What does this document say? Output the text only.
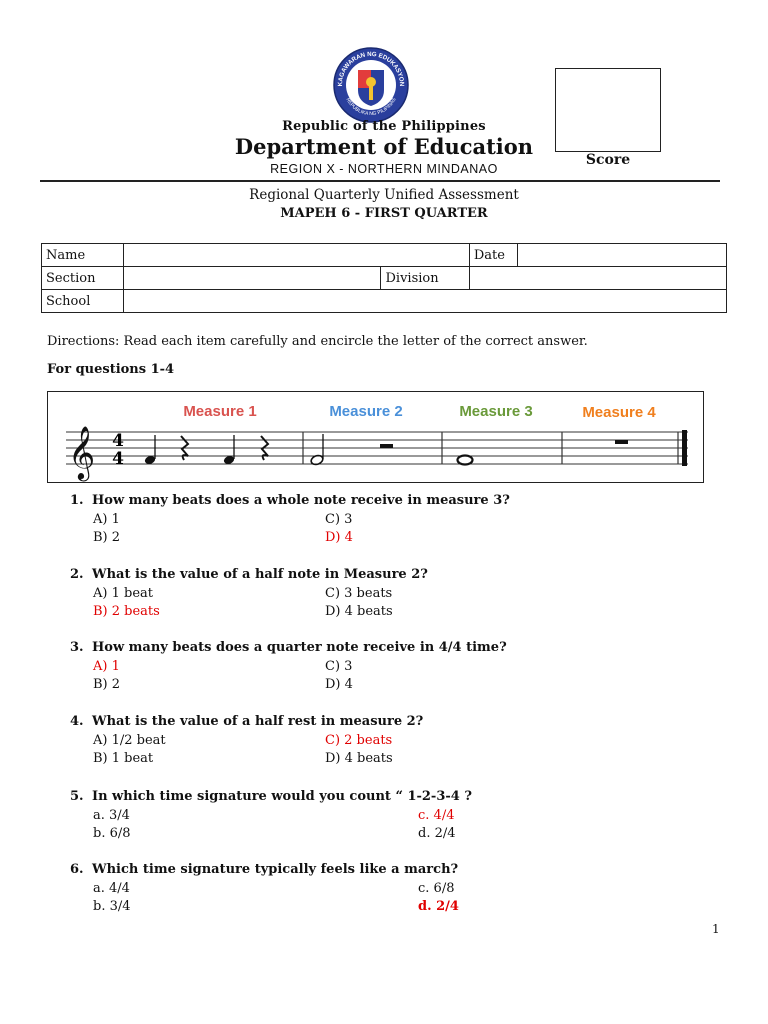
KAGAWARAN NG EDUKASYON
REPUBLIKA NG PILIPINAS
Score
Republic of the Philippines
Department of Education
REGION X - NORTHERN MINDANAO
Regional Quarterly Unified Assessment
MAPEH 6 - FIRST QUARTER
Name			Date	
Section		Division		
School				
Directions: Read each item carefully and encircle the letter of the correct answer.
For questions 1-4
Measure 1	Measure 2	Measure 3	Measure 4
𝄞 4
4
1. How many beats does a whole note receive in measure 3?
A) 1	C) 3
B) 2	D) 4
2. What is the value of a half note in Measure 2?
A) 1 beat	C) 3 beats
B) 2 beats	D) 4 beats
3. How many beats does a quarter note receive in 4/4 time?
A) 1	C) 3
B) 2	D) 4
4. What is the value of a half rest in measure 2?
A) 1/2 beat	C) 2 beats
B) 1 beat	D) 4 beats
5. In which time signature would you count “ 1-2-3-4 ?
a. 3/4	c. 4/4
b. 6/8	d. 2/4
6. Which time signature typically feels like a march?
a. 4/4	c. 6/8
b. 3/4	d. 2/4
1
